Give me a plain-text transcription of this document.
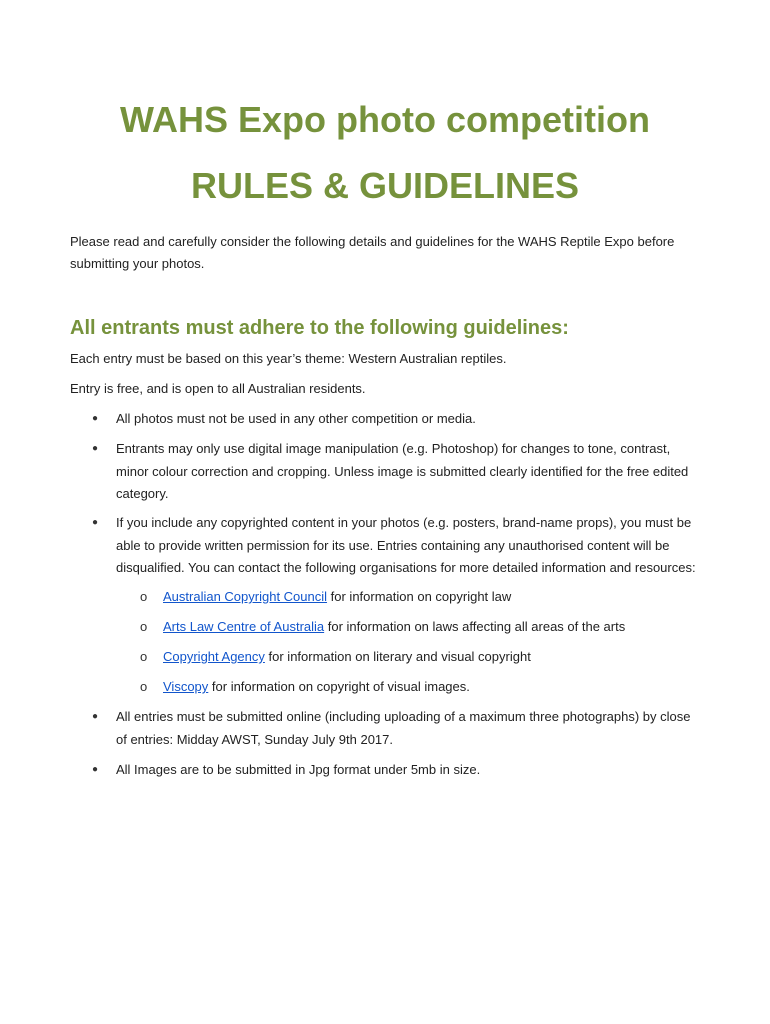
WAHS Expo photo competition
RULES & GUIDELINES

Please read and carefully consider the following details and guidelines for the WAHS Reptile Expo before submitting your photos.

All entrants must adhere to the following guidelines:

Each entry must be based on this year’s theme: Western Australian reptiles.

Entry is free, and is open to all Australian residents.

● All photos must not be used in any other competition or media.
● Entrants may only use digital image manipulation (e.g. Photoshop) for changes to tone, contrast, minor colour correction and cropping. Unless image is submitted clearly identified for the free edited category.
● If you include any copyrighted content in your photos (e.g. posters, brand-name props), you must be able to provide written permission for its use. Entries containing any unauthorised content will be disqualified. You can contact the following organisations for more detailed information and resources:
o Australian Copyright Council for information on copyright law
o Arts Law Centre of Australia for information on laws affecting all areas of the arts
o Copyright Agency for information on literary and visual copyright
o Viscopy for information on copyright of visual images.
● All entries must be submitted online (including uploading of a maximum three photographs) by close of entries: Midday AWST, Sunday July 9th 2017.
● All Images are to be submitted in Jpg format under 5mb in size.
